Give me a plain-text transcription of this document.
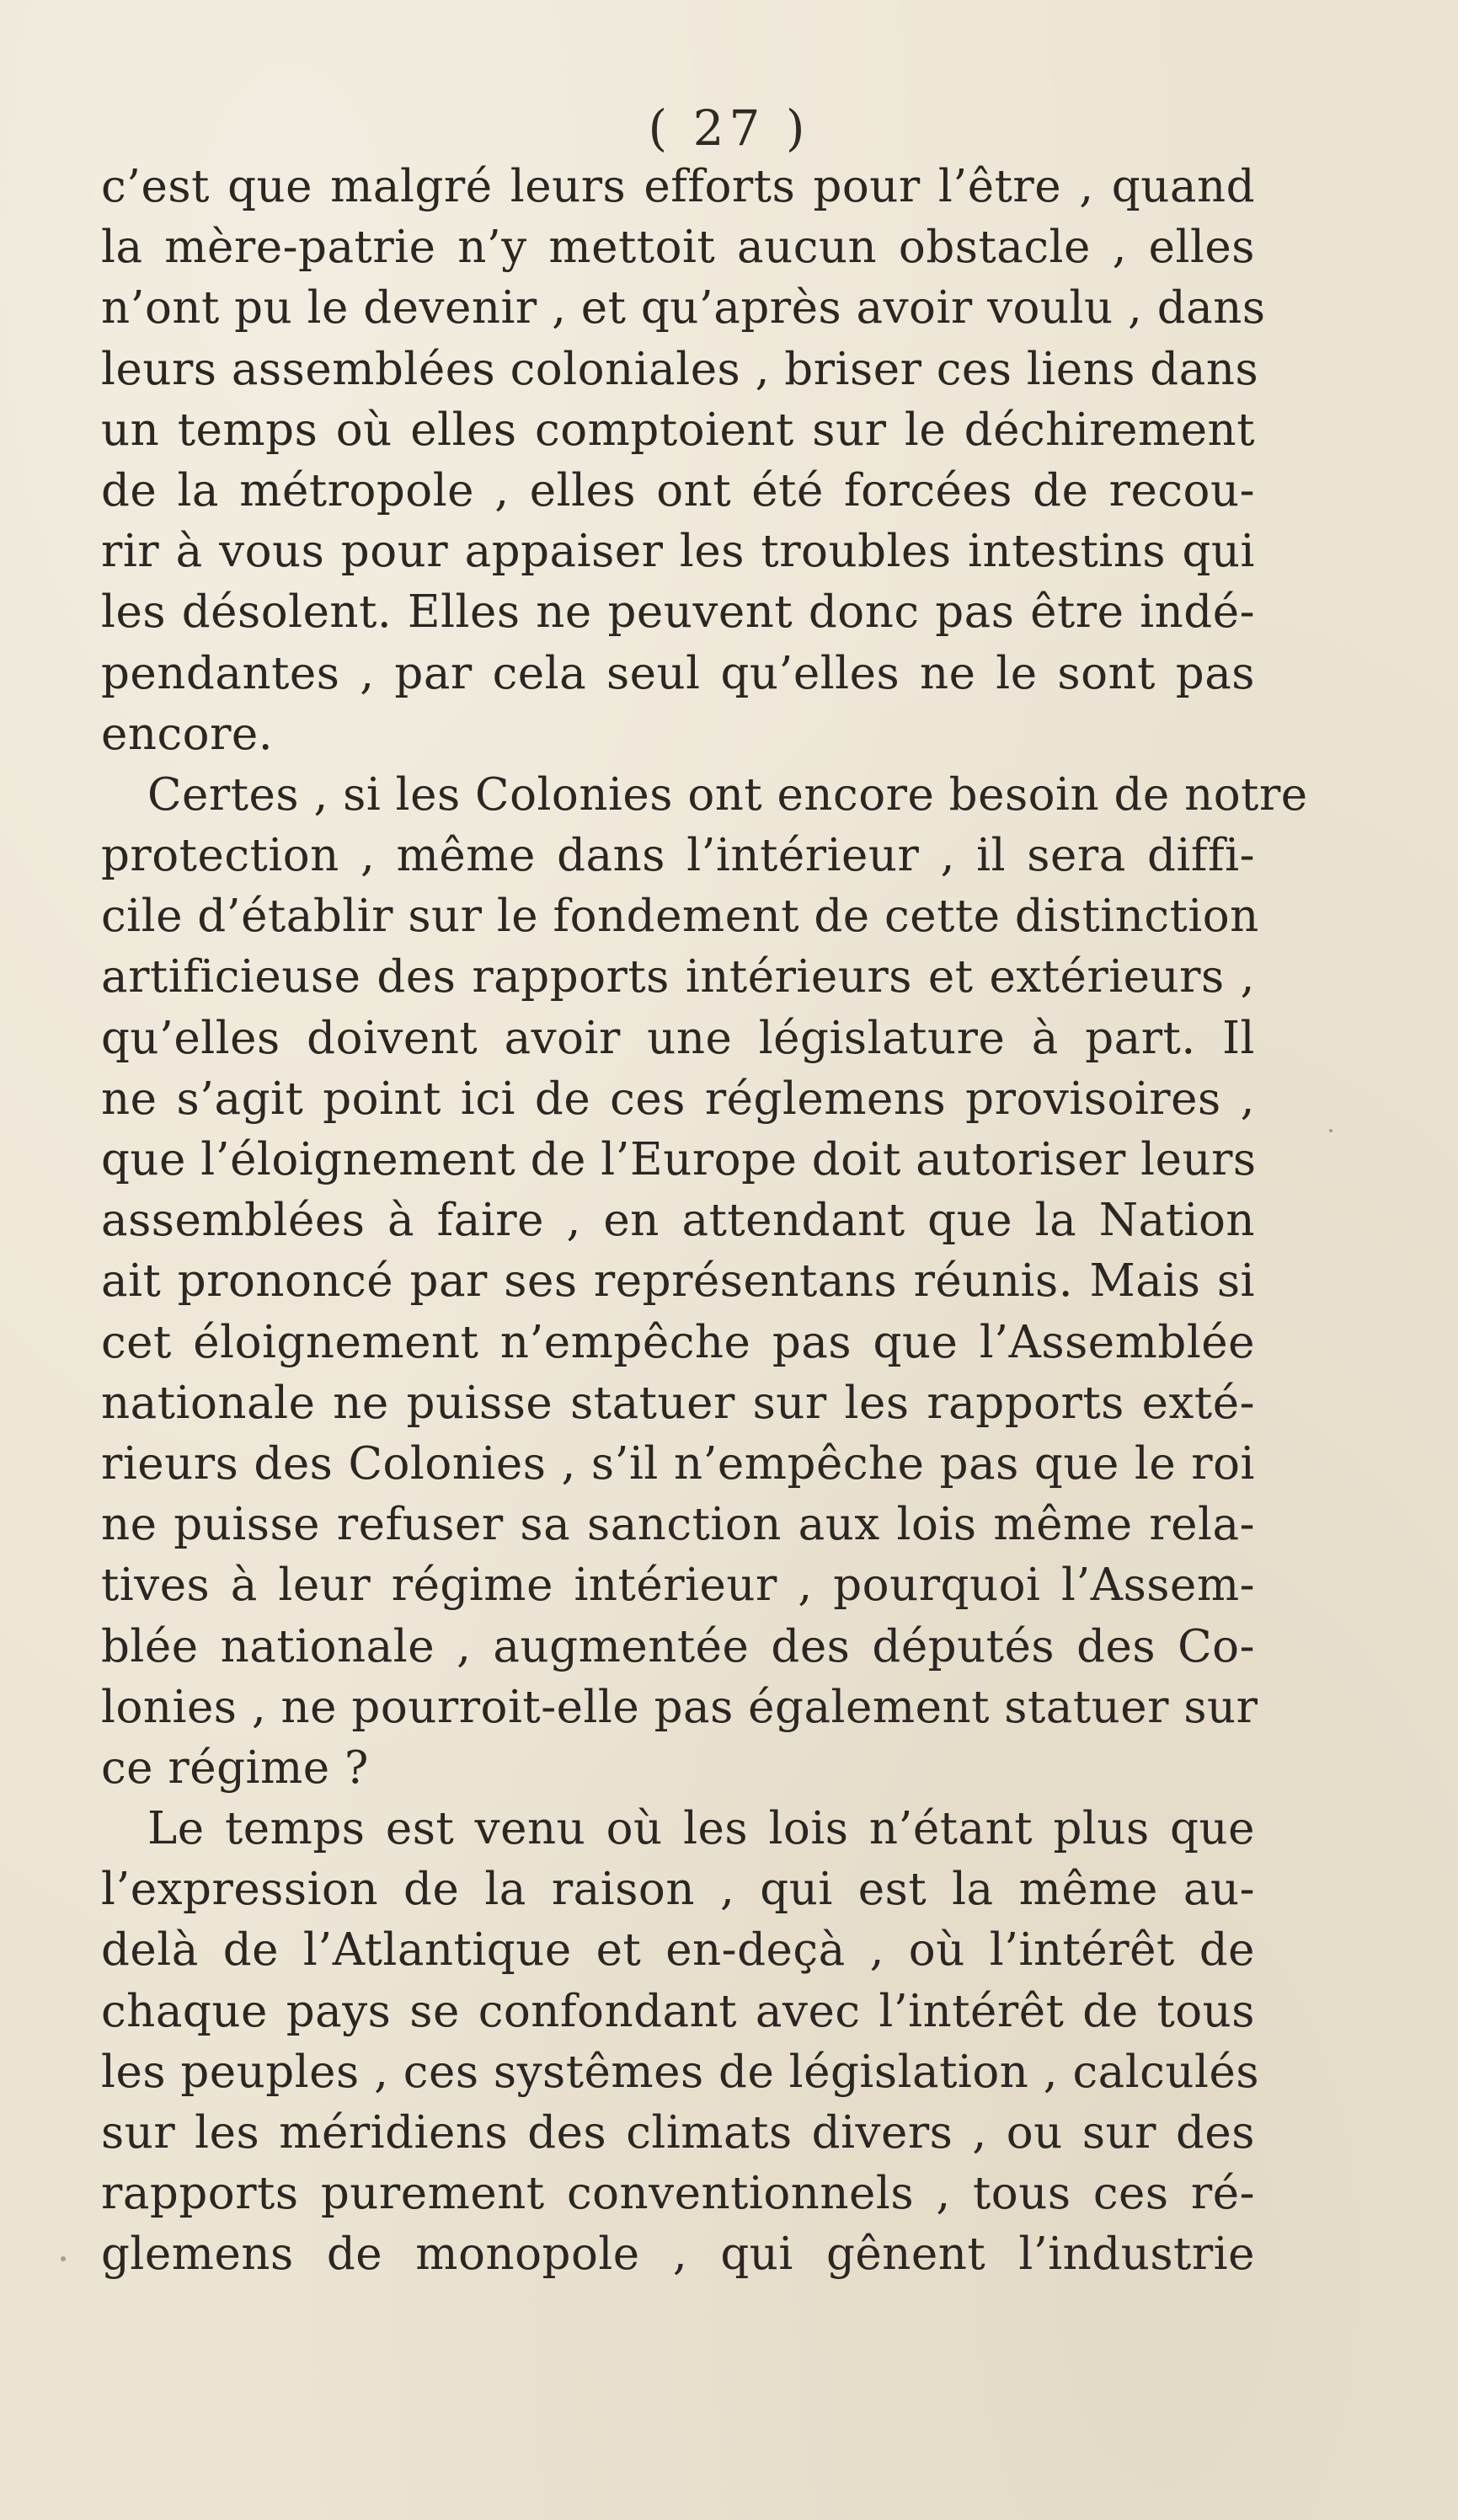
( 27 )
c’est que malgré leurs efforts pour l’être , quand
la mère-patrie n’y mettoit aucun obstacle , elles
n’ont pu le devenir , et qu’après avoir voulu , dans
leurs assemblées coloniales , briser ces liens dans
un temps où elles comptoient sur le déchirement
de la métropole , elles ont été forcées de recou-
rir à vous pour appaiser les troubles intestins qui
les désolent. Elles ne peuvent donc pas être indé-
pendantes , par cela seul qu’elles ne le sont pas
encore.
Certes , si les Colonies ont encore besoin de notre
protection , même dans l’intérieur , il sera diffi-
cile d’établir sur le fondement de cette distinction
artificieuse des rapports intérieurs et extérieurs ,
qu’elles doivent avoir une législature à part. Il
ne s’agit point ici de ces réglemens provisoires ,
que l’éloignement de l’Europe doit autoriser leurs
assemblées à faire , en attendant que la Nation
ait prononcé par ses représentans réunis. Mais si
cet éloignement n’empêche pas que l’Assemblée
nationale ne puisse statuer sur les rapports exté-
rieurs des Colonies , s’il n’empêche pas que le roi
ne puisse refuser sa sanction aux lois même rela-
tives à leur régime intérieur , pourquoi l’Assem-
blée nationale , augmentée des députés des Co-
lonies , ne pourroit-elle pas également statuer sur
ce régime ?
Le temps est venu où les lois n’étant plus que
l’expression de la raison , qui est la même au-
delà de l’Atlantique et en-deçà , où l’intérêt de
chaque pays se confondant avec l’intérêt de tous
les peuples , ces systêmes de législation , calculés
sur les méridiens des climats divers , ou sur des
rapports purement conventionnels , tous ces ré-
glemens de monopole , qui gênent l’industrie
